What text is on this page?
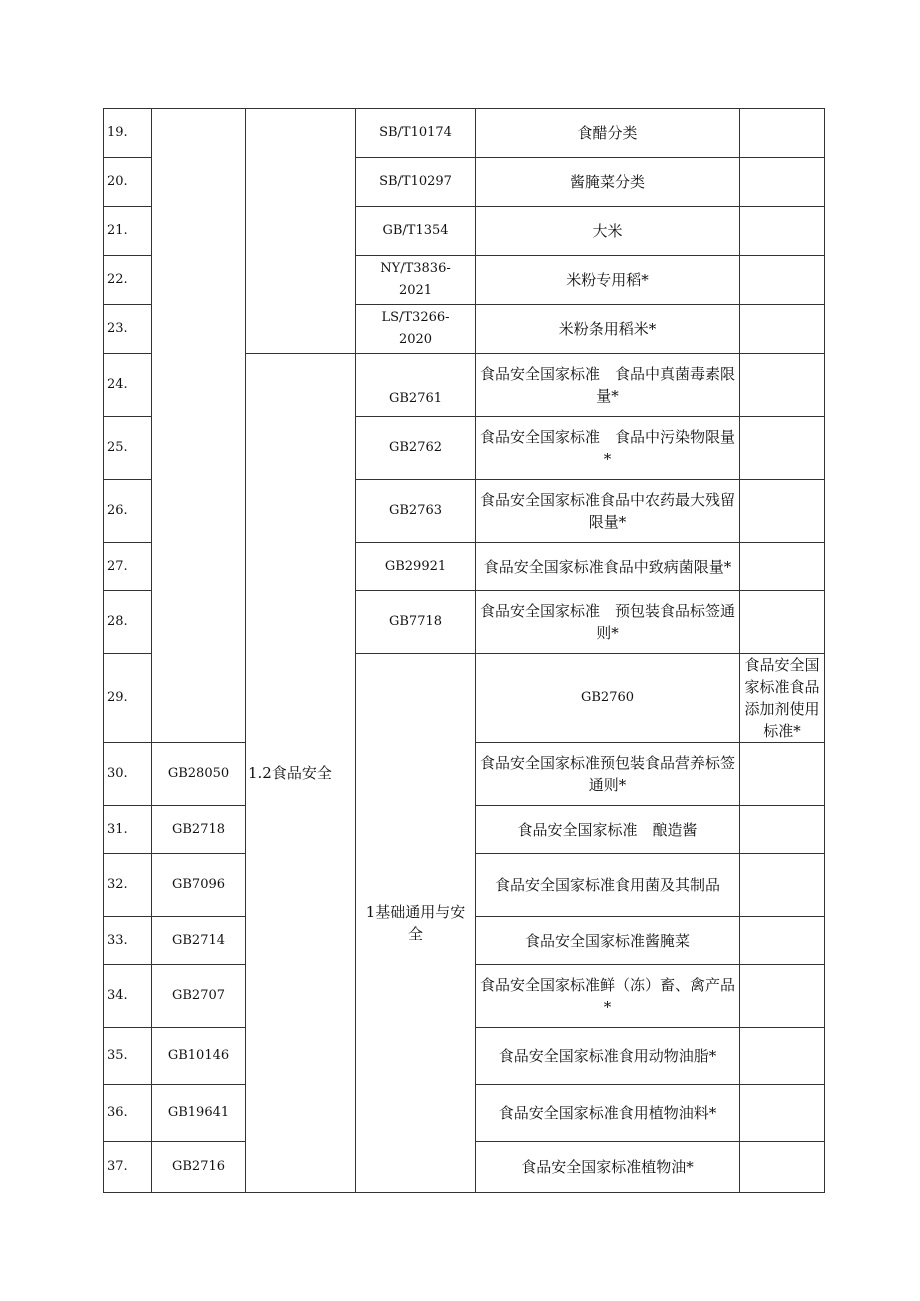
19.			SB/T10174	食醋分类		
20.			SB/T10297	酱腌菜分类		
21.			GB/T1354	大米		
22.			NY/T3836-2021	米粉专用稻*		
23.			LS/T3266-2020	米粉条用稻米*		
24.		1.2食品安全	GB2761	食品安全国家标准　食品中真菌毒素限量*		
25.			GB2762	食品安全国家标准　食品中污染物限量*		
26.			GB2763	食品安全国家标准食品中农药最大残留限量*		
27.			GB29921	食品安全国家标准食品中致病菌限量*		
28.			GB7718	食品安全国家标准　预包装食品标签通则*		
29.			1基础通用与安全	GB2760	食品安全国家标准食品添加剂使用标准*	
30.	GB28050			食品安全国家标准预包装食品营养标签通则*		
31.	GB2718			食品安全国家标准　酿造酱		
32.	GB7096			食品安全国家标准食用菌及其制品		
33.	GB2714			食品安全国家标准酱腌菜		
34.	GB2707			食品安全国家标准鲜（冻）畜、禽产品*		
35.	GB10146			食品安全国家标准食用动物油脂*		
36.	GB19641			食品安全国家标准食用植物油料*		
37.	GB2716			食品安全国家标准植物油*		
